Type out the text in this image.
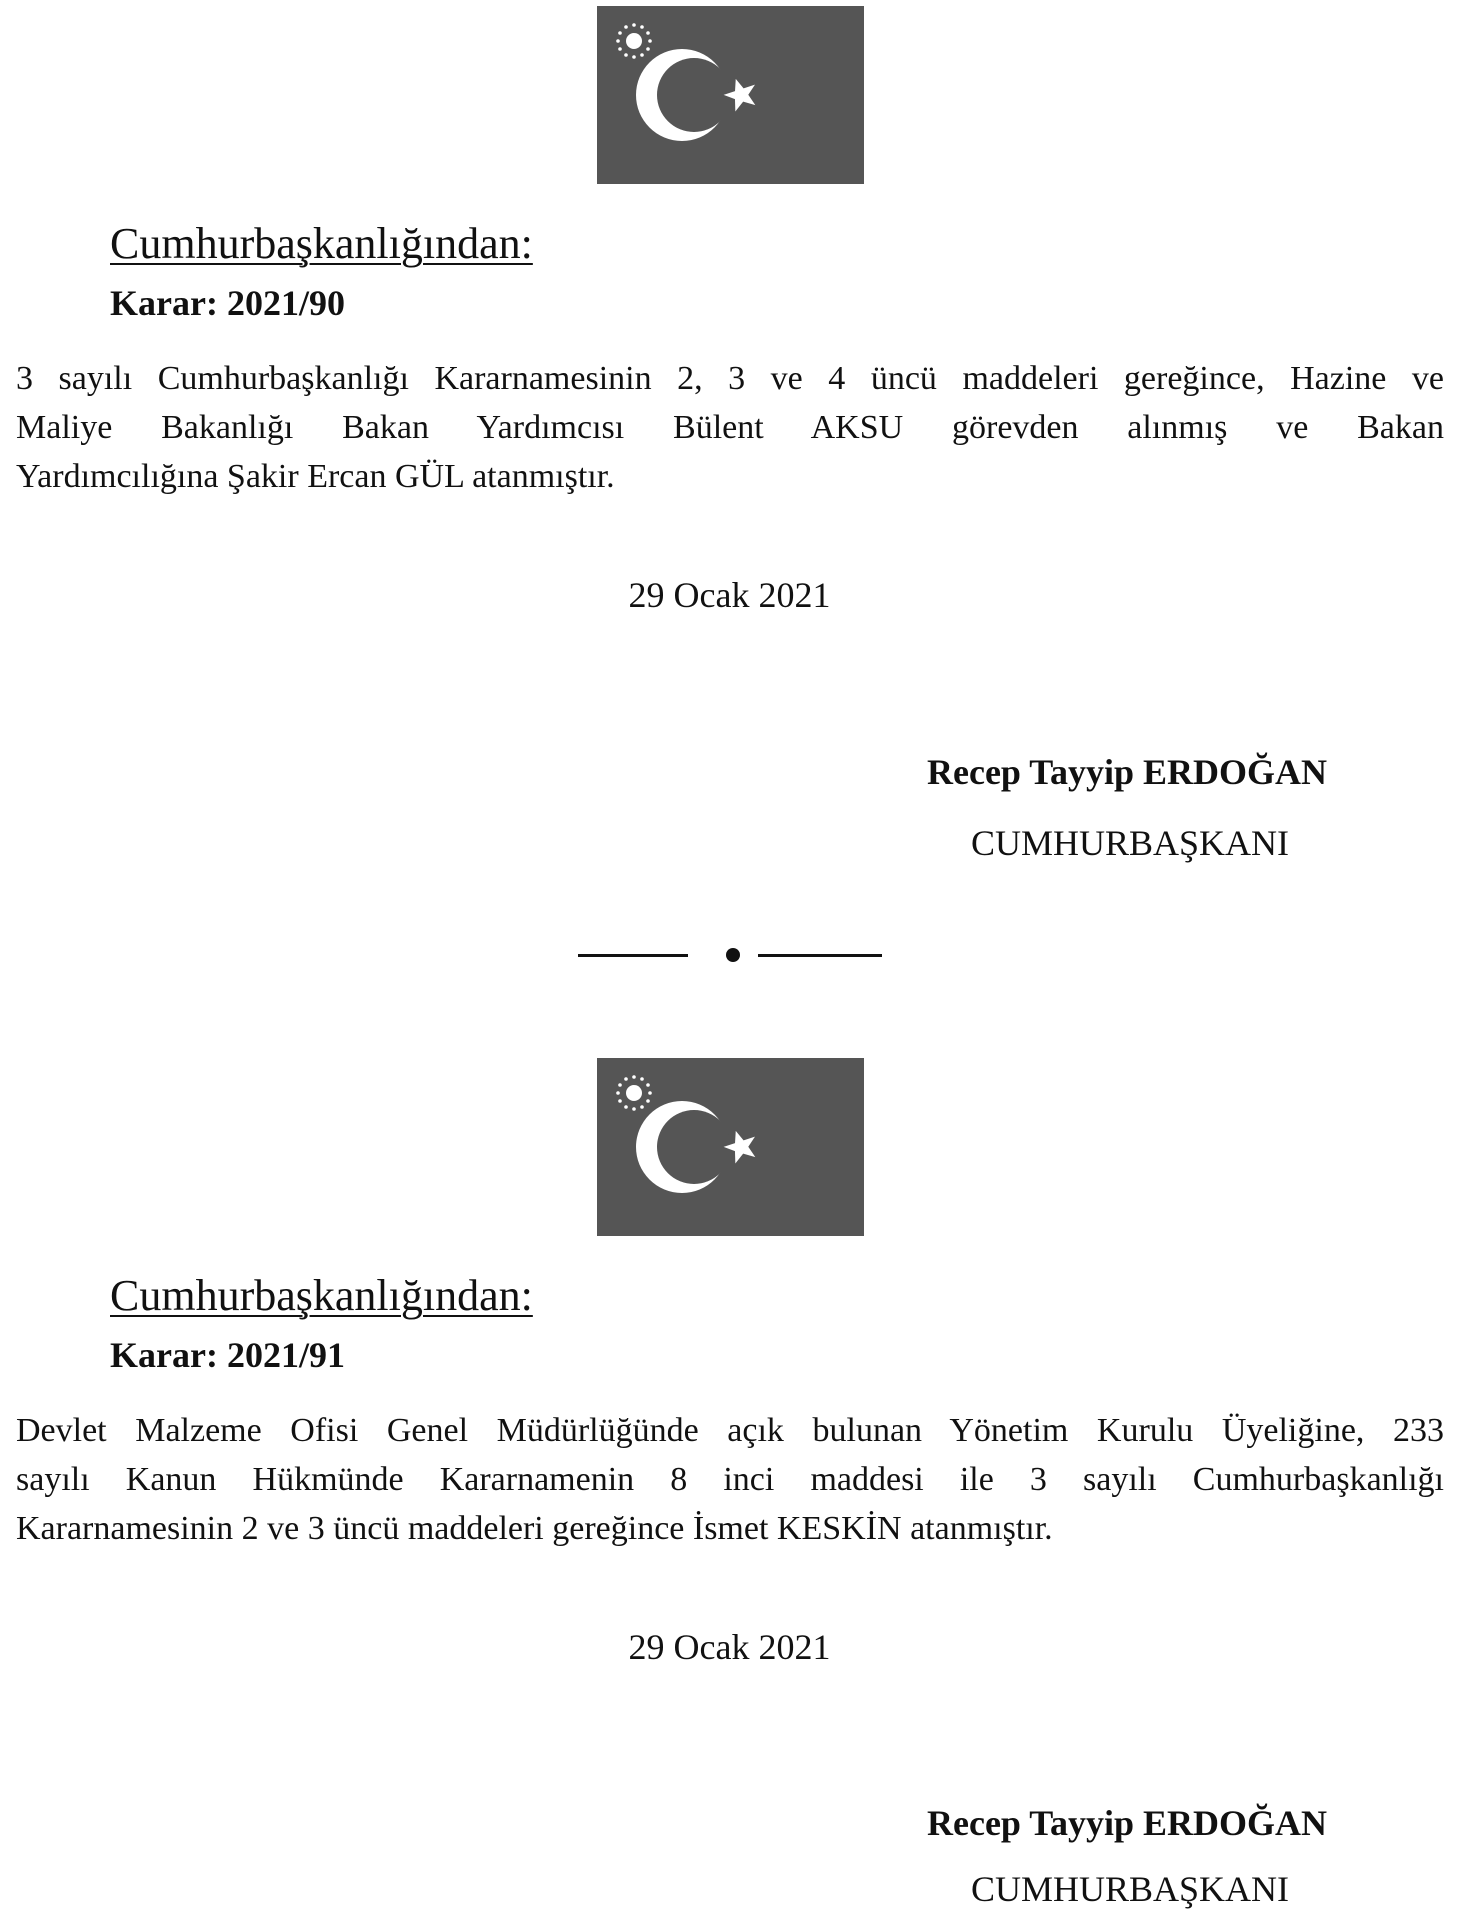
Cumhurbaşkanlığından:
Karar: 2021/90
3 sayılı Cumhurbaşkanlığı Kararnamesinin 2, 3 ve 4 üncü maddeleri gereğince, Hazine ve
Maliye Bakanlığı Bakan Yardımcısı Bülent AKSU görevden alınmış ve Bakan
Yardımcılığına Şakir Ercan GÜL atanmıştır.
29 Ocak 2021
Recep Tayyip ERDOĞAN
CUMHURBAŞKANI
Cumhurbaşkanlığından:
Karar: 2021/91
Devlet Malzeme Ofisi Genel Müdürlüğünde açık bulunan Yönetim Kurulu Üyeliğine, 233
sayılı Kanun Hükmünde Kararnamenin 8 inci maddesi ile 3 sayılı Cumhurbaşkanlığı
Kararnamesinin 2 ve 3 üncü maddeleri gereğince İsmet KESKİN atanmıştır.
29 Ocak 2021
Recep Tayyip ERDOĞAN
CUMHURBAŞKANI
